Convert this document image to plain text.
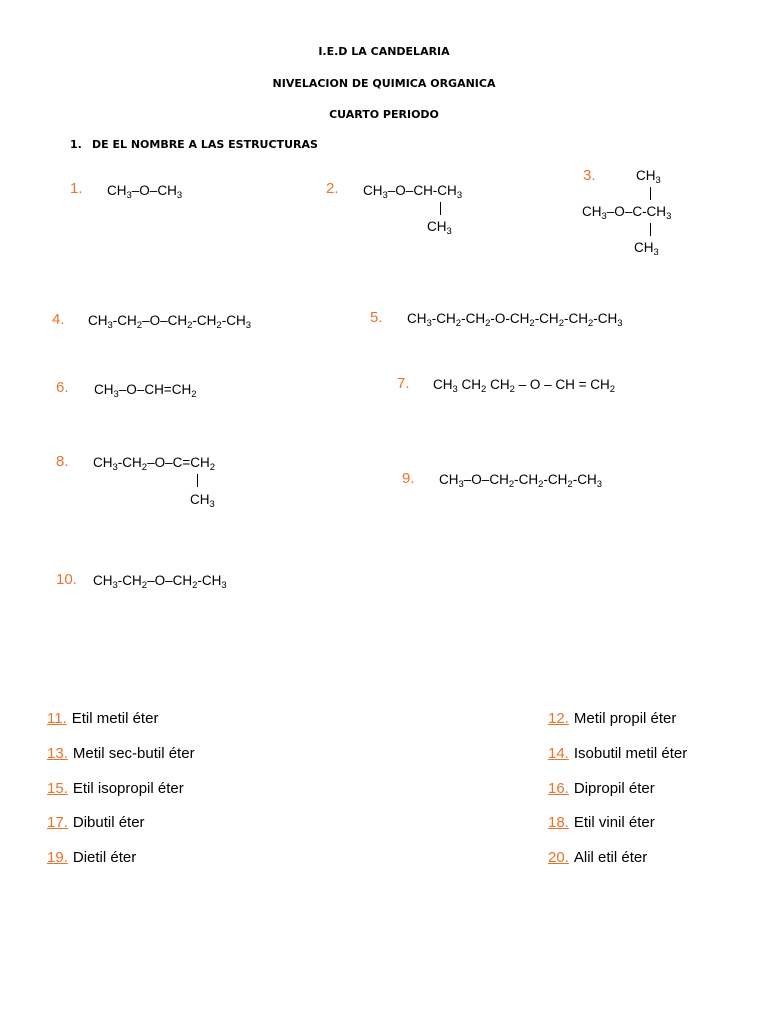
I.E.D LA CANDELARIA
NIVELACION DE QUIMICA ORGANICA
CUARTO PERIODO
1. DE EL NOMBRE A LAS ESTRUCTURAS
1. $CH_3-O-CH_3$	2. $CH_3-O-CH-CH_3$
$CH_3$
3.	$CH_3$
$CH_3-O-C-CH_3$
$CH_3$
4. $CH_3-CH_2-O-CH_2-CH_2-CH_3$	5. $CH_3-CH_2-CH_2-O-CH_2-CH_2-CH_2-CH_3$
6. $CH_3-O-CH=CH_2$
7. $CH_3$ $CH_2$ $CH_2$ – O – CH = $CH_2$
8. $CH_3-CH_2-O-C=CH_2$
$CH_3$
9. $CH_3-O-CH_2-CH_2-CH_2-CH_3$
10. $CH_3-CH_2-O-CH_2-CH_3$
11. Etil metil éter	12. Metil propil éter
13. Metil sec-butil éter	14. Isobutil metil éter
15. Etil isopropil éter	16. Dipropil éter
17. Dibutil éter	18. Etil vinil éter
19. Dietil éter	20. Alil etil éter
